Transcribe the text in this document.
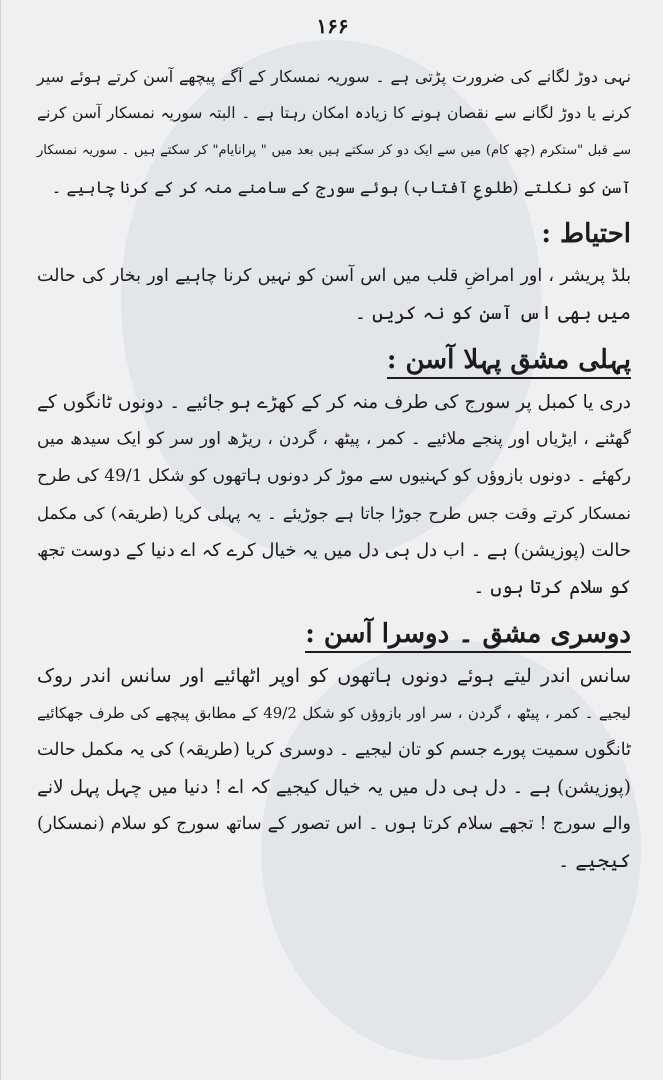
۱۶۶
نہی دوڑ لگانے کی ضرورت پڑتی ہے ۔ سوریہ نمسکار کے آگے پیچھے آسن کرتے ہوئے سیر
کرنے یا دوڑ لگانے سے نقصان ہونے کا زیادہ امکان رہتا ہے ۔ البتہ سوریہ نمسکار آسن کرنے
سے قبل "ستکرم (چھ کام) میں سے ایک دو کر سکتے ہیں بعد میں " پرانایام" کر سکتے ہیں ۔ سوریہ نمسکار
آسن کو نکلتے (طلوعِ آفتاب) ہوئے سورج کے سامنے منہ کر کے کرنا چاہیے ۔
احتیاط :
بلڈ پریشر ، اور امراضِ قلب میں اس آسن کو نہیں کرنا چاہیے اور بخار کی حالت
میں بھی اس آسن کو نہ کریں ۔
پہلی مشق پہلا آسن :
دری یا کمبل پر سورج کی طرف منہ کر کے کھڑے ہو جائیے ۔ دونوں ٹانگوں کے
گھٹنے ، ایڑیاں اور پنجے ملائیے ۔ کمر ، پیٹھ ، گردن ، ریڑھ اور سر کو ایک سیدھ میں
رکھئے ۔ دونوں بازوؤں کو کہنیوں سے موڑ کر دونوں ہاتھوں کو شکل 49/1 کی طرح
نمسکار کرتے وقت جس طرح جوڑا جاتا ہے جوڑیئے ۔ یہ پہلی کریا (طریقہ) کی مکمل
حالت (پوزیشن) ہے ۔ اب دل ہی دل میں یہ خیال کرے کہ اے دنیا کے دوست تجھ
کو سلام کرتا ہوں ۔
دوسری مشق ۔ دوسرا آسن :
سانس اندر لیتے ہوئے دونوں ہاتھوں کو اوپر اٹھائیے اور سانس اندر روک
لیجیے ۔ کمر ، پیٹھ ، گردن ، سر اور بازوؤں کو شکل 49/2 کے مطابق پیچھے کی طرف جھکائیے
ٹانگوں سمیت پورے جسم کو تان لیجیے ۔ دوسری کریا (طریقہ) کی یہ مکمل حالت
(پوزیشن) ہے ۔ دل ہی دل میں یہ خیال کیجیے کہ اے ! دنیا میں چہل پہل لانے
والے سورج ! تجھے سلام کرتا ہوں ۔ اس تصور کے ساتھ سورج کو سلام (نمسکار)
کیجیے ۔
